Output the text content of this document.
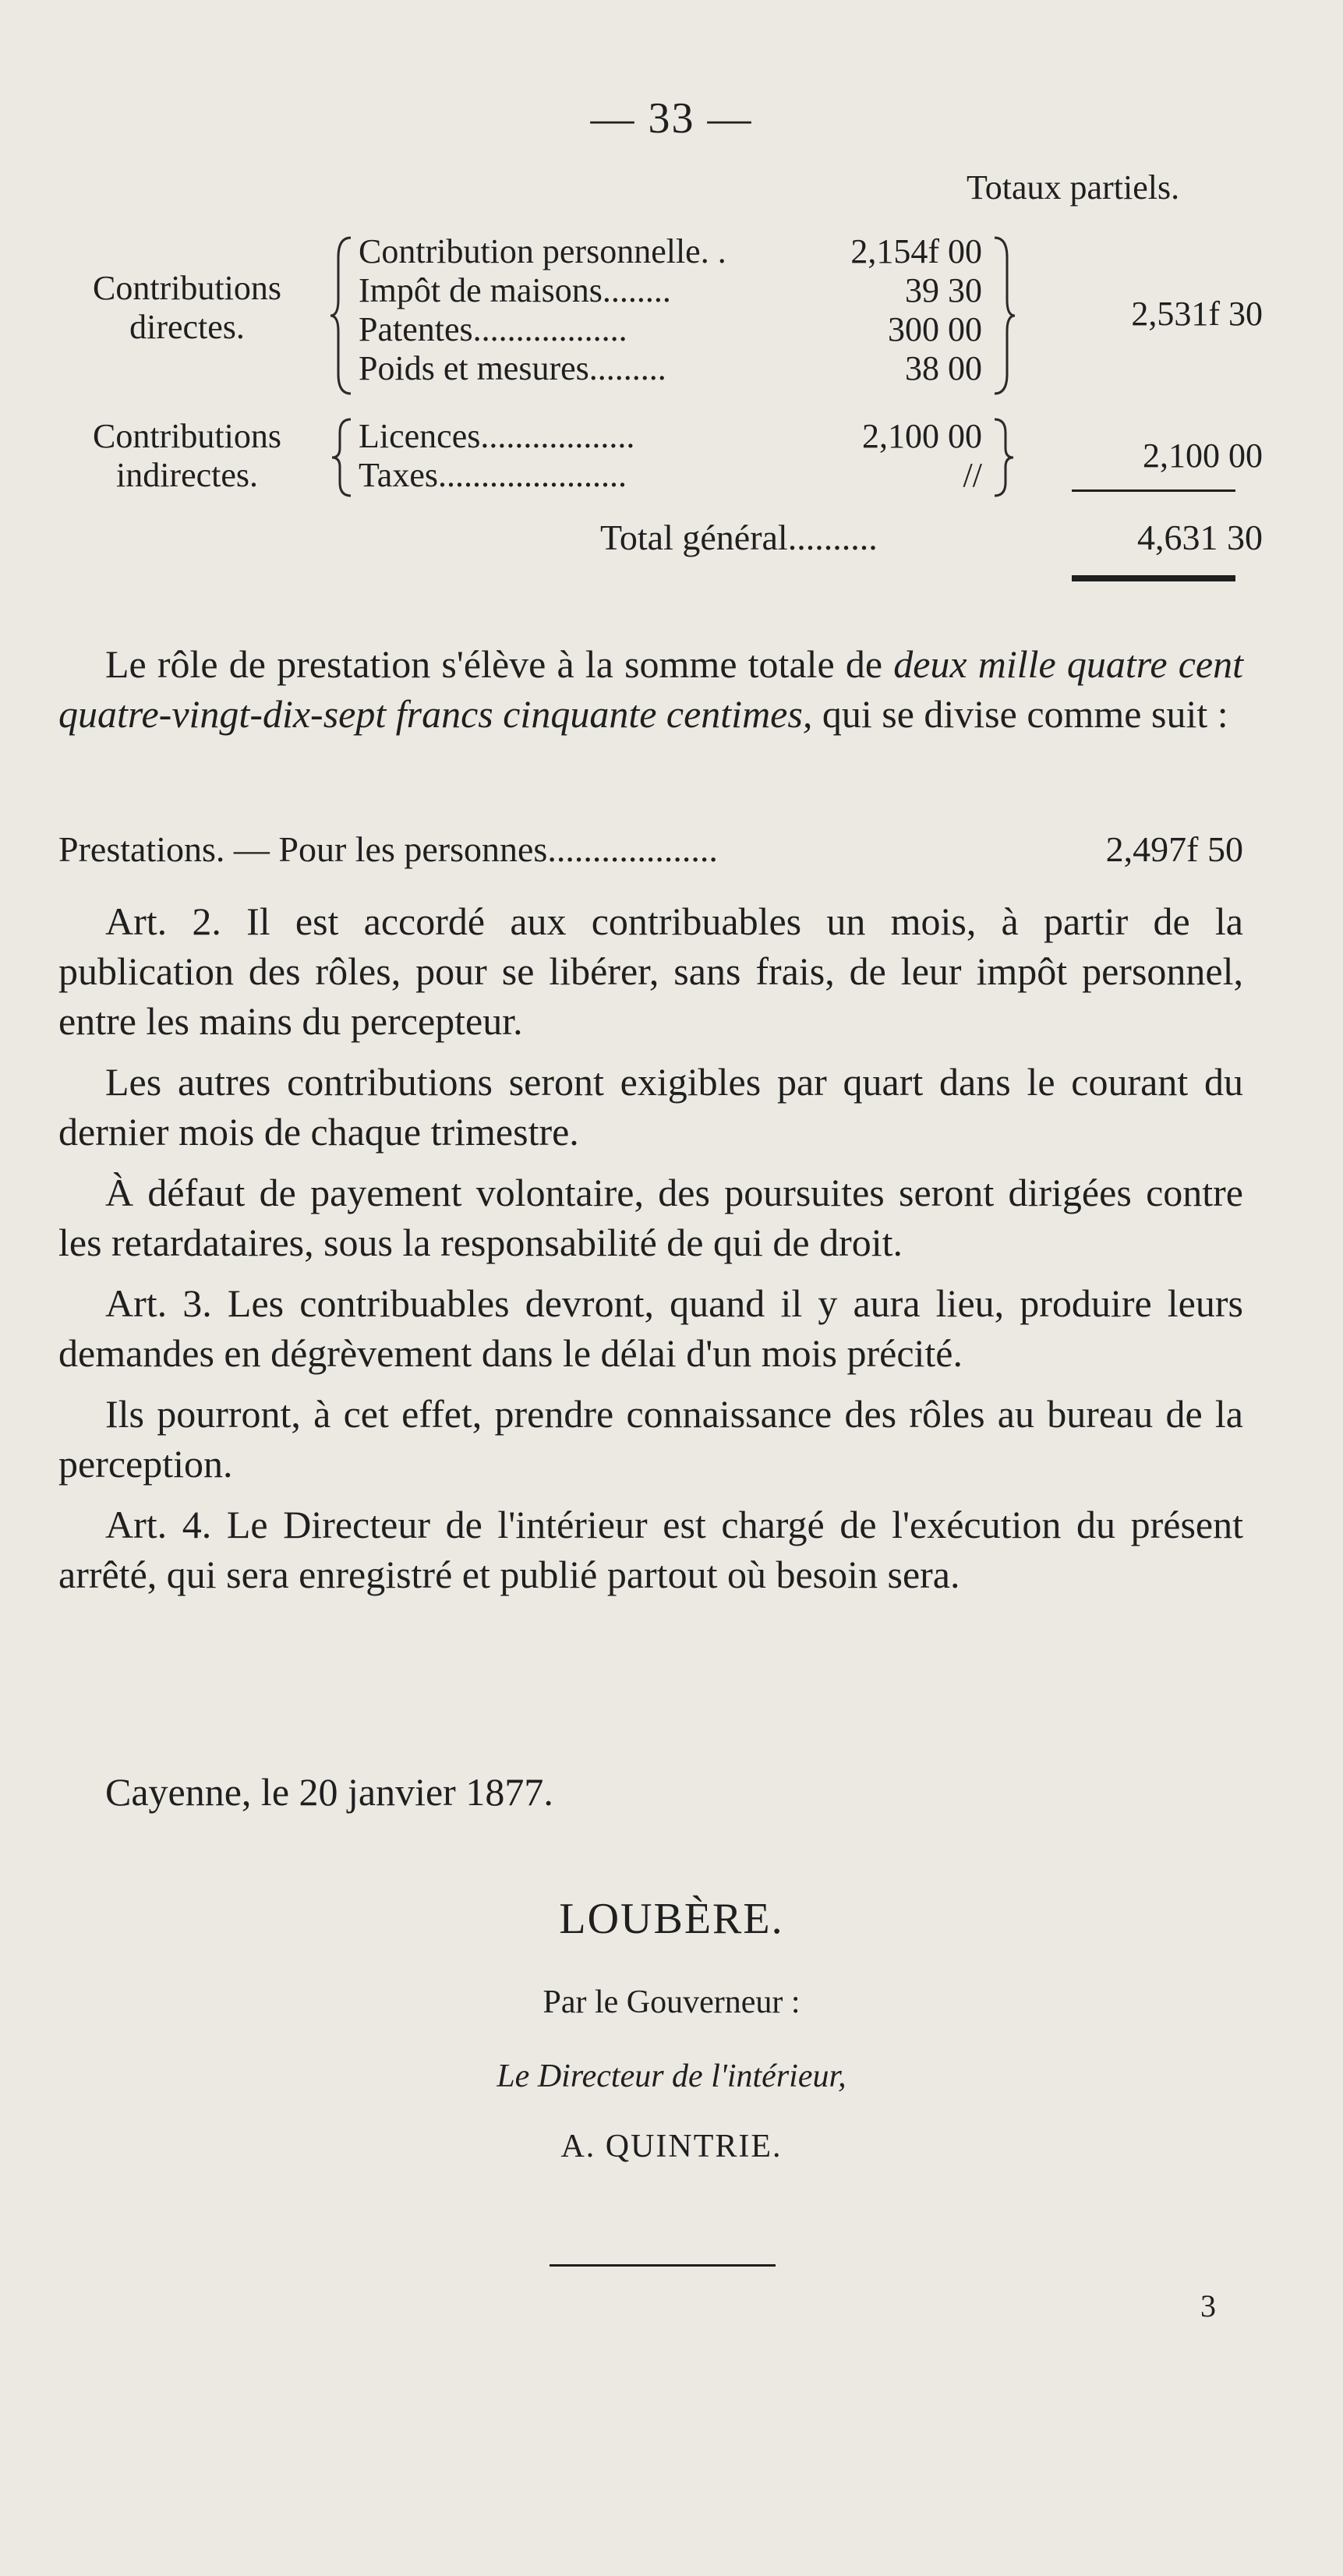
— 33 —
Totaux partiels.
Contributions
directes.
Contribution personnelle. .
Impôt de maisons........
Patentes..................
Poids et mesures.........
2,154f 00
39 30
300 00
38 00
2,531f 30
Contributions
indirectes.
Licences..................
Taxes......................
2,100 00
//
2,100 00
Total général..........	4,631 30

Le rôle de prestation s'élève à la somme totale de deux mille quatre cent quatre-vingt-dix-sept francs cinquante centimes, qui se divise comme suit :

Prestations. — Pour les personnes...................	2,497f 50

Art. 2. Il est accordé aux contribuables un mois, à partir de la publication des rôles, pour se libérer, sans frais, de leur impôt personnel, entre les mains du percepteur.

Les autres contributions seront exigibles par quart dans le courant du dernier mois de chaque trimestre.

À défaut de payement volontaire, des poursuites seront dirigées contre les retardataires, sous la responsabilité de qui de droit.

Art. 3. Les contribuables devront, quand il y aura lieu, produire leurs demandes en dégrèvement dans le délai d'un mois précité.

Ils pourront, à cet effet, prendre connaissance des rôles au bureau de la perception.

Art. 4. Le Directeur de l'intérieur est chargé de l'exécution du présent arrêté, qui sera enregistré et publié partout où besoin sera.

Cayenne, le 20 janvier 1877.
LOUBÈRE.
Par le Gouverneur :
Le Directeur de l'intérieur,
A. QUINTRIE.
3
